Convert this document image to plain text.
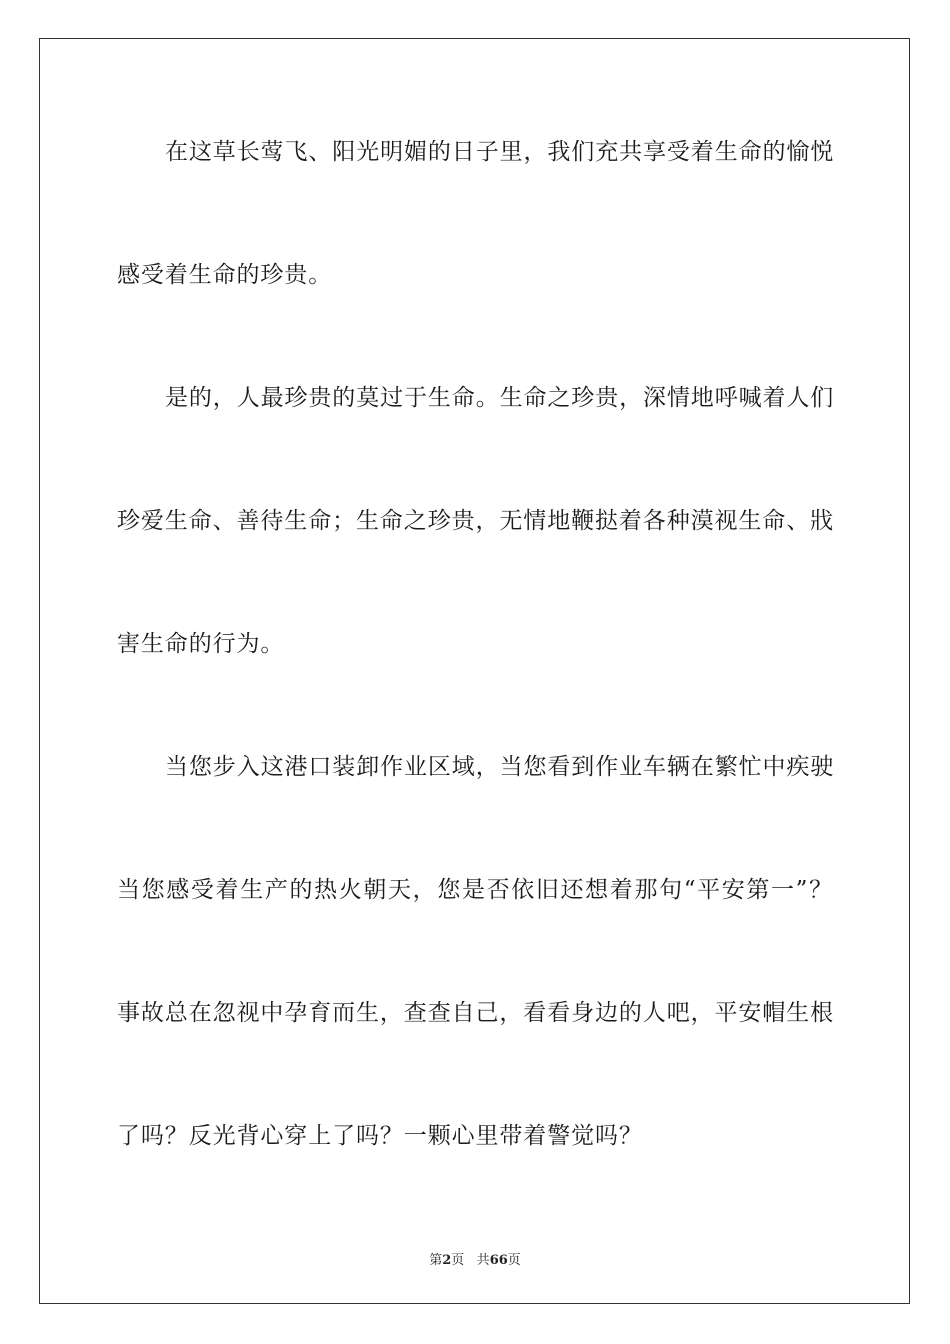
在这草长莺飞、阳光明媚的日子里，我们充共享受着生命的愉悦
感受着生命的珍贵。
是的，人最珍贵的莫过于生命。生命之珍贵，深情地呼喊着人们
珍爱生命、善待生命；生命之珍贵，无情地鞭挞着各种漠视生命、戕
害生命的行为。
当您步入这港口装卸作业区域，当您看到作业车辆在繁忙中疾驶
当您感受着生产的热火朝天，您是否依旧还想着那句“平安第一”？
事故总在忽视中孕育而生，查查自己，看看身边的人吧，平安帽生根
了吗？反光背心穿上了吗？一颗心里带着警觉吗？
第2页 共66页
